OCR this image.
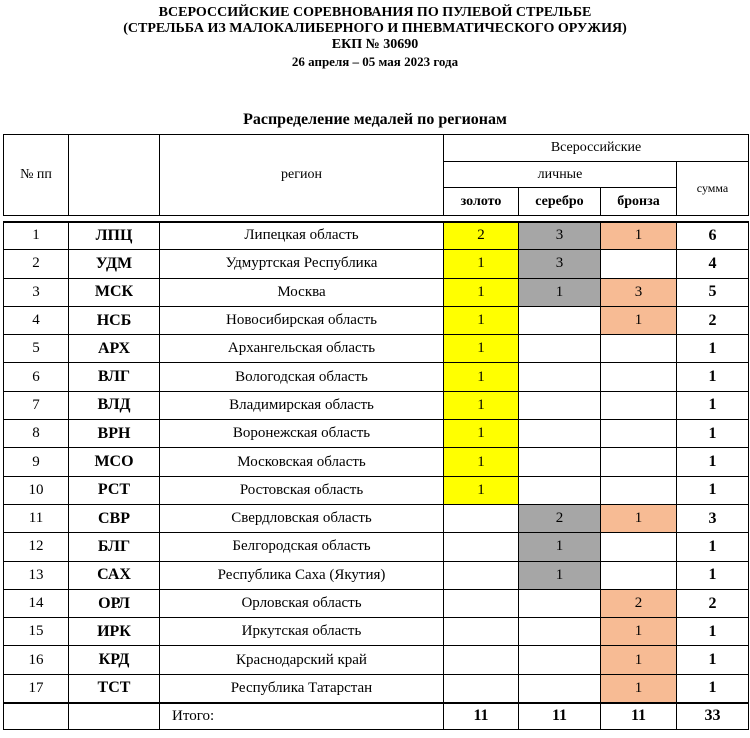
ВСЕРОССИЙСКИЕ СОРЕВНОВАНИЯ ПО ПУЛЕВОЙ СТРЕЛЬБЕ
(СТРЕЛЬБА ИЗ МАЛОКАЛИБЕРНОГО И ПНЕВМАТИЧЕСКОГО ОРУЖИЯ)
ЕКП № 30690
26 апреля – 05 мая 2023 года
Распределение медалей по регионам
№ пп		регион	Всероссийские			
			личные			сумма
			золото	серебро	бронза	

1	ЛПЦ	Липецкая область	2	3	1	6
2	УДМ	Удмуртская Республика	1	3		4
3	МСК	Москва	1	1	3	5
4	НСБ	Новосибирская область	1		1	2
5	АРХ	Архангельская область	1			1
6	ВЛГ	Вологодская область	1			1
7	ВЛД	Владимирская область	1			1
8	ВРН	Воронежская область	1			1
9	МСО	Московская область	1			1
10	РСТ	Ростовская область	1			1
11	СВР	Свердловская область		2	1	3
12	БЛГ	Белгородская область		1		1
13	САХ	Республика Саха (Якутия)		1		1
14	ОРЛ	Орловская область			2	2
15	ИРК	Иркутская область			1	1
16	КРД	Краснодарский край			1	1
17	ТСТ	Республика Татарстан			1	1
		Итого:	11	11	11	33
